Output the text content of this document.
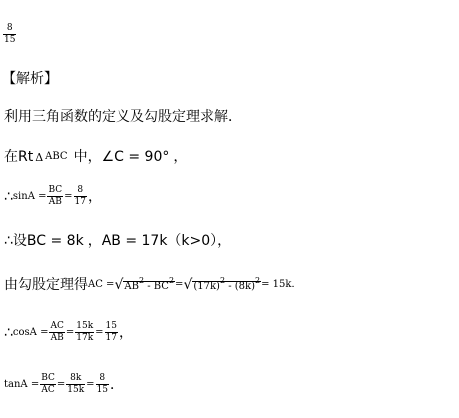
$\frac{8}{15}$
【解析】
利用三角函数的定义及勾股定理求解．
在Rt Δ ABC 中，∠C = 90° ，
∴ $\sin A = \frac{BC}{AB} = \frac{8}{17}$ ，
∴ 设BC = 8k ，AB = 17k（k>0），
由勾股定理得 AC = √ $AB^2 - BC^2$ = √ $(17k)^2 - (8k)^2 = 15k$．
∴ $\cos A = \frac{AC}{AB} = \frac{15k}{17k} = \frac{15}{17}$ ，
$\tan A = \frac{BC}{AC} = \frac{8k}{15k} = \frac{8}{15}$ ．
